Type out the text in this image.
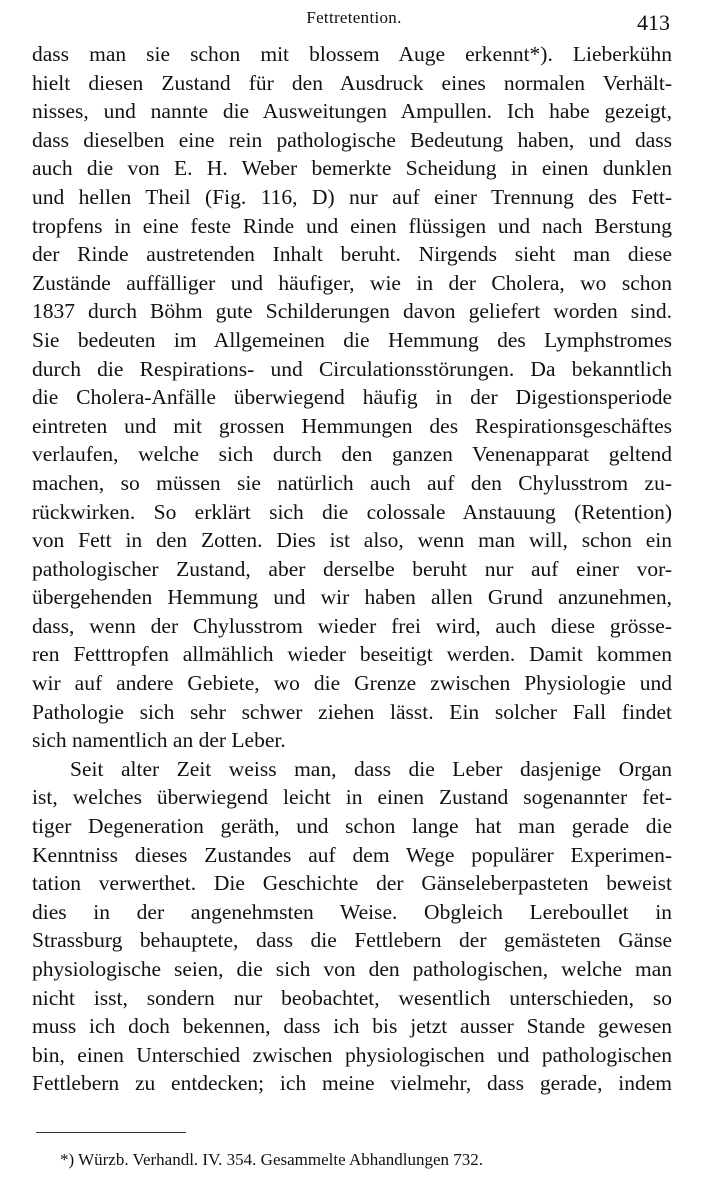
Fettretention.	413
dass man sie schon mit blossem Auge erkennt*). Lieberkühn
hielt diesen Zustand für den Ausdruck eines normalen Verhält-
nisses, und nannte die Ausweitungen Ampullen. Ich habe gezeigt,
dass dieselben eine rein pathologische Bedeutung haben, und dass
auch die von E. H. Weber bemerkte Scheidung in einen dunklen
und hellen Theil (Fig. 116, D) nur auf einer Trennung des Fett-
tropfens in eine feste Rinde und einen flüssigen und nach Berstung
der Rinde austretenden Inhalt beruht. Nirgends sieht man diese
Zustände auffälliger und häufiger, wie in der Cholera, wo schon
1837 durch Böhm gute Schilderungen davon geliefert worden sind.
Sie bedeuten im Allgemeinen die Hemmung des Lymphstromes
durch die Respirations- und Circulationsstörungen. Da bekanntlich
die Cholera-Anfälle überwiegend häufig in der Digestionsperiode
eintreten und mit grossen Hemmungen des Respirationsgeschäftes
verlaufen, welche sich durch den ganzen Venenapparat geltend
machen, so müssen sie natürlich auch auf den Chylusstrom zu-
rückwirken. So erklärt sich die colossale Anstauung (Retention)
von Fett in den Zotten. Dies ist also, wenn man will, schon ein
pathologischer Zustand, aber derselbe beruht nur auf einer vor-
übergehenden Hemmung und wir haben allen Grund anzunehmen,
dass, wenn der Chylusstrom wieder frei wird, auch diese grösse-
ren Fetttropfen allmählich wieder beseitigt werden. Damit kommen
wir auf andere Gebiete, wo die Grenze zwischen Physiologie und
Pathologie sich sehr schwer ziehen lässt. Ein solcher Fall findet
sich namentlich an der Leber.
Seit alter Zeit weiss man, dass die Leber dasjenige Organ
ist, welches überwiegend leicht in einen Zustand sogenannter fet-
tiger Degeneration geräth, und schon lange hat man gerade die
Kenntniss dieses Zustandes auf dem Wege populärer Experimen-
tation verwerthet. Die Geschichte der Gänseleberpasteten beweist
dies in der angenehmsten Weise. Obgleich Lereboullet in
Strassburg behauptete, dass die Fettlebern der gemästeten Gänse
physiologische seien, die sich von den pathologischen, welche man
nicht isst, sondern nur beobachtet, wesentlich unterschieden, so
muss ich doch bekennen, dass ich bis jetzt ausser Stande gewesen
bin, einen Unterschied zwischen physiologischen und pathologischen
Fettlebern zu entdecken; ich meine vielmehr, dass gerade, indem
*) Würzb. Verhandl. IV. 354. Gesammelte Abhandlungen 732.
